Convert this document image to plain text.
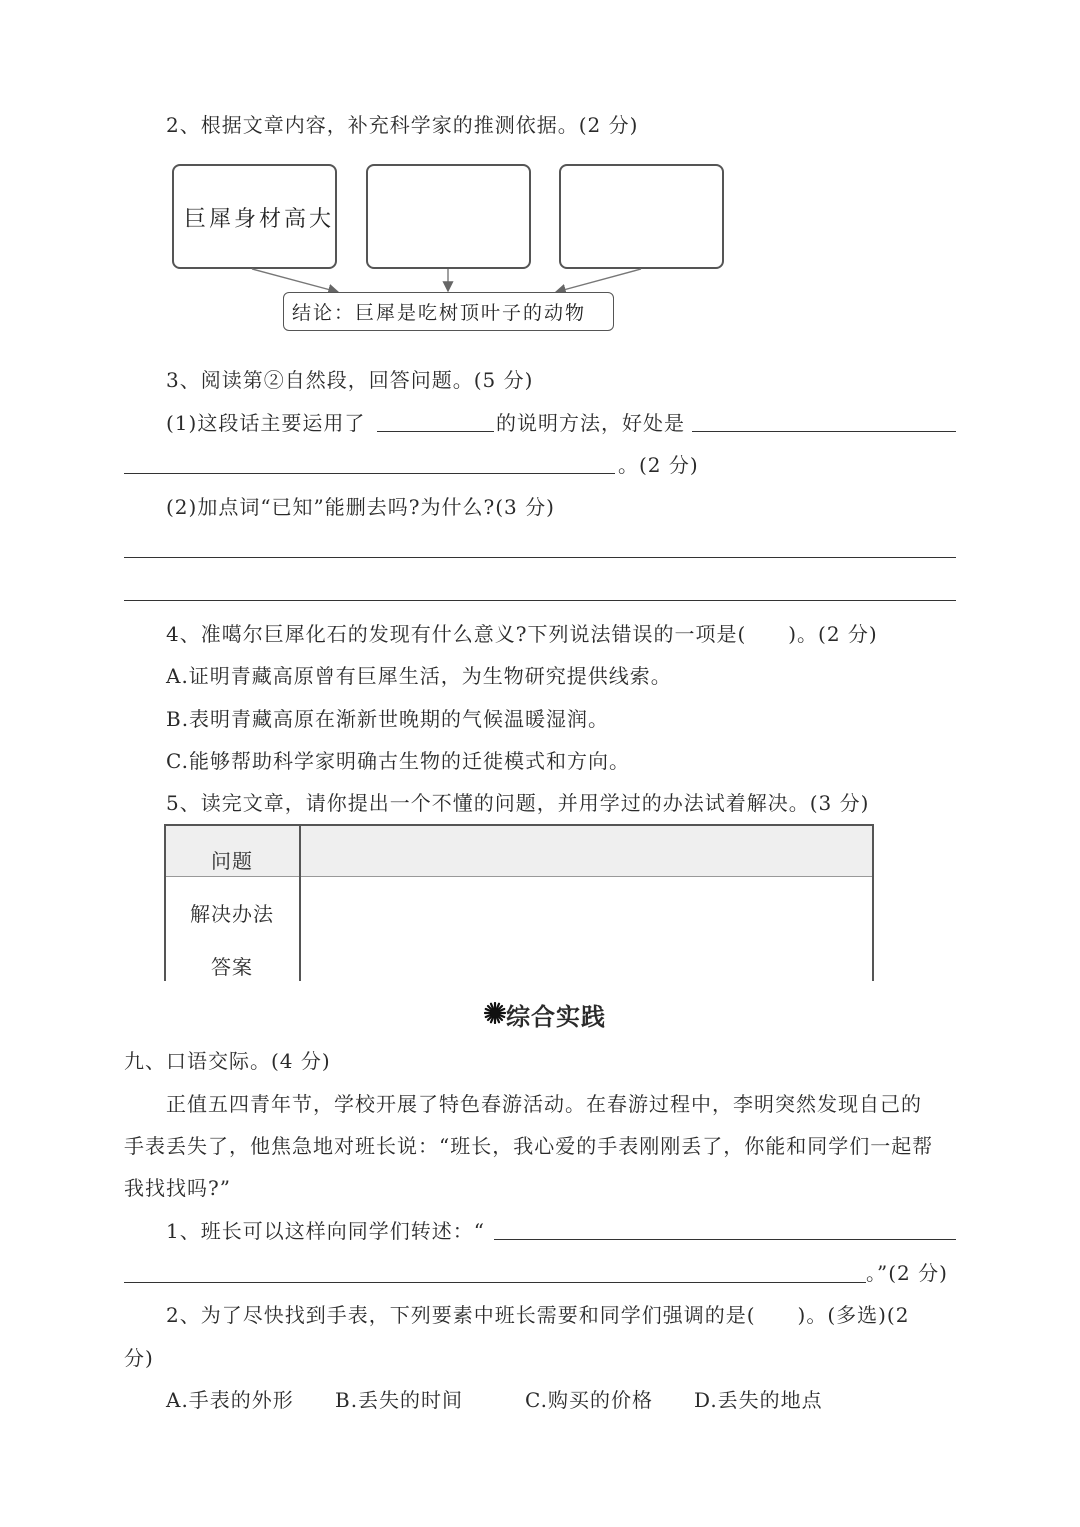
2、根据文章内容，补充科学家的推测依据。(2 分)
巨犀身材高大
结论：巨犀是吃树顶叶子的动物
3、阅读第②自然段，回答问题。(5 分)
(1)这段话主要运用了	的说明方法，好处是
。(2 分)
(2)加点词“已知”能删去吗?为什么?(3 分)
4、准噶尔巨犀化石的发现有什么意义?下列说法错误的一项是(　　)。(2 分)
A.证明青藏高原曾有巨犀生活，为生物研究提供线索。
B.表明青藏高原在渐新世晚期的气候温暖湿润。
C.能够帮助科学家明确古生物的迁徙模式和方向。
5、读完文章，请你提出一个不懂的问题，并用学过的办法试着解决。(3 分)
问题
解决办法
答案
综合实践
九、口语交际。(4 分)
正值五四青年节，学校开展了特色春游活动。在春游过程中，李明突然发现自己的
手表丢失了，他焦急地对班长说：“班长，我心爱的手表刚刚丢了，你能和同学们一起帮
我找找吗?”
1、班长可以这样向同学们转述：“
。”(2 分)
2、为了尽快找到手表，下列要素中班长需要和同学们强调的是(　　)。(多选)(2
分)
A.手表的外形 B.丢失的时间	C.购买的价格 D.丢失的地点
